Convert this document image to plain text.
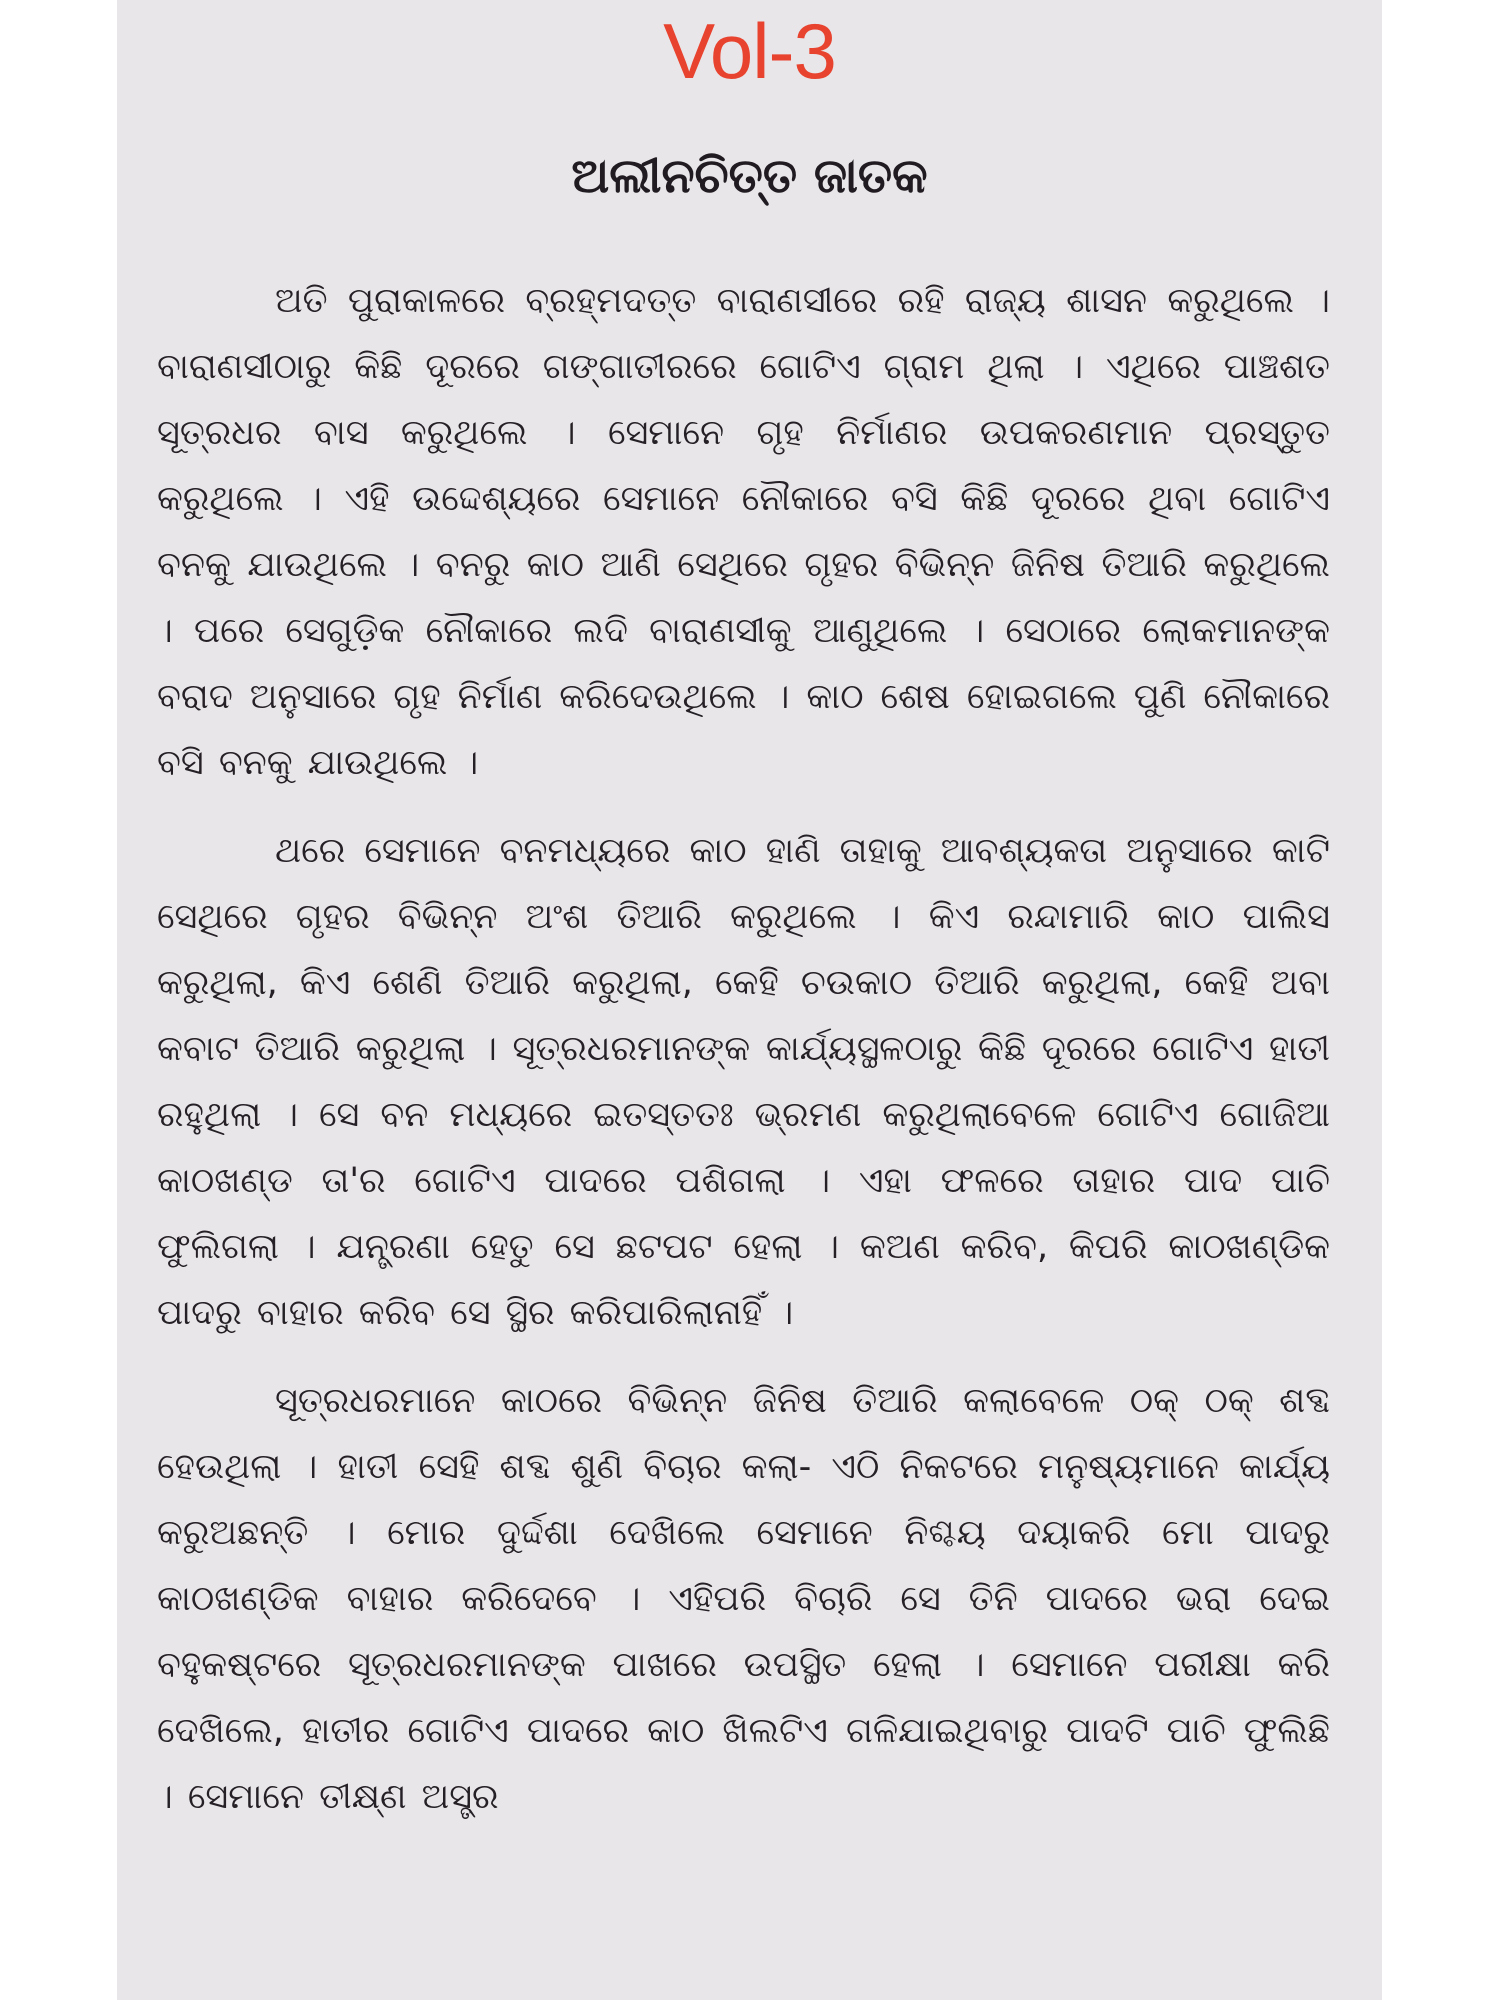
Vol-3
ଅଲୀନଚିତ୍ତ ଜାତକ

ଅତି ପୁରାକାଳରେ ବ୍ରହ୍ମଦତ୍ତ ବାରାଣସୀରେ ରହି ରାଜ୍ୟ ଶାସନ କରୁଥିଲେ । ବାରାଣସୀଠାରୁ କିଛି ଦୂରରେ ଗଙ୍ଗାତୀରରେ ଗୋଟିଏ ଗ୍ରାମ ଥିଲା । ଏଥିରେ ପାଞ୍ଚଶତ ସୂତ୍ରଧର ବାସ କରୁଥିଲେ । ସେମାନେ ଗୃହ ନିର୍ମାଣର ଉପକରଣମାନ ପ୍ରସ୍ତୁତ କରୁଥିଲେ । ଏହି ଉଦ୍ଦେଶ୍ୟରେ ସେମାନେ ନୌକାରେ ବସି କିଛି ଦୂରରେ ଥିବା ଗୋଟିଏ ବନକୁ ଯାଉଥିଲେ । ବନରୁ କାଠ ଆଣି ସେଥିରେ ଗୃହର ବିଭିନ୍ନ ଜିନିଷ ତିଆରି କରୁଥିଲେ । ପରେ ସେଗୁଡ଼ିକ ନୌକାରେ ଲଦି ବାରାଣସୀକୁ ଆଣୁଥିଲେ । ସେଠାରେ ଲୋକମାନଙ୍କ ବରାଦ ଅନୁସାରେ ଗୃହ ନିର୍ମାଣ କରିଦେଉଥିଲେ । କାଠ ଶେଷ ହୋଇଗଲେ ପୁଣି ନୌକାରେ ବସି ବନକୁ ଯାଉଥିଲେ ।

ଥରେ ସେମାନେ ବନମଧ୍ୟରେ କାଠ ହାଣି ତାହାକୁ ଆବଶ୍ୟକତା ଅନୁସାରେ କାଟି ସେଥିରେ ଗୃହର ବିଭିନ୍ନ ଅଂଶ ତିଆରି କରୁଥିଲେ । କିଏ ରନ୍ଦାମାରି କାଠ ପାଲିସ କରୁଥିଲା, କିଏ ଶେଣି ତିଆରି କରୁଥିଲା, କେହି ଚଉକାଠ ତିଆରି କରୁଥିଲା, କେହି ଅବା କବାଟ ତିଆରି କରୁଥିଲା । ସୂତ୍ରଧରମାନଙ୍କ କାର୍ଯ୍ୟସ୍ଥଳଠାରୁ କିଛି ଦୂରରେ ଗୋଟିଏ ହାତୀ ରହୁଥିଲା । ସେ ବନ ମଧ୍ୟରେ ଇତସ୍ତତଃ ଭ୍ରମଣ କରୁଥିଲାବେଳେ ଗୋଟିଏ ଗୋଜିଆ କାଠଖଣ୍ଡ ତା'ର ଗୋଟିଏ ପାଦରେ ପଶିଗଲା । ଏହା ଫଳରେ ତାହାର ପାଦ ପାଚି ଫୁଲିଗଲା । ଯନ୍ତ୍ରଣା ହେତୁ ସେ ଛଟପଟ ହେଲା । କଅଣ କରିବ, କିପରି କାଠଖଣ୍ଡିକ ପାଦରୁ ବାହାର କରିବ ସେ ସ୍ଥିର କରିପାରିଲାନାହିଁ ।

ସୂତ୍ରଧରମାନେ କାଠରେ ବିଭିନ୍ନ ଜିନିଷ ତିଆରି କଲାବେଳେ ଠକ୍ ଠକ୍ ଶବ୍ଦ ହେଉଥିଲା । ହାତୀ ସେହି ଶବ୍ଦ ଶୁଣି ବିଚାର କଲା- ଏଠି ନିକଟରେ ମନୁଷ୍ୟମାନେ କାର୍ଯ୍ୟ କରୁଅଛନ୍ତି । ମୋର ଦୁର୍ଦ୍ଦଶା ଦେଖିଲେ ସେମାନେ ନିଶ୍ଚୟ ଦୟାକରି ମୋ ପାଦରୁ କାଠଖଣ୍ଡିକ ବାହାର କରିଦେବେ । ଏହିପରି ବିଚାରି ସେ ତିନି ପାଦରେ ଭରା ଦେଇ ବହୁକଷ୍ଟରେ ସୂତ୍ରଧରମାନଙ୍କ ପାଖରେ ଉପସ୍ଥିତ ହେଲା । ସେମାନେ ପରୀକ୍ଷା କରି ଦେଖିଲେ, ହାତୀର ଗୋଟିଏ ପାଦରେ କାଠ ଖିଲଟିଏ ଗଳିଯାଇଥିବାରୁ ପାଦଟି ପାଚି ଫୁଲିଛି । ସେମାନେ ତୀକ୍ଷ୍ଣ ଅସ୍ତ୍ର
